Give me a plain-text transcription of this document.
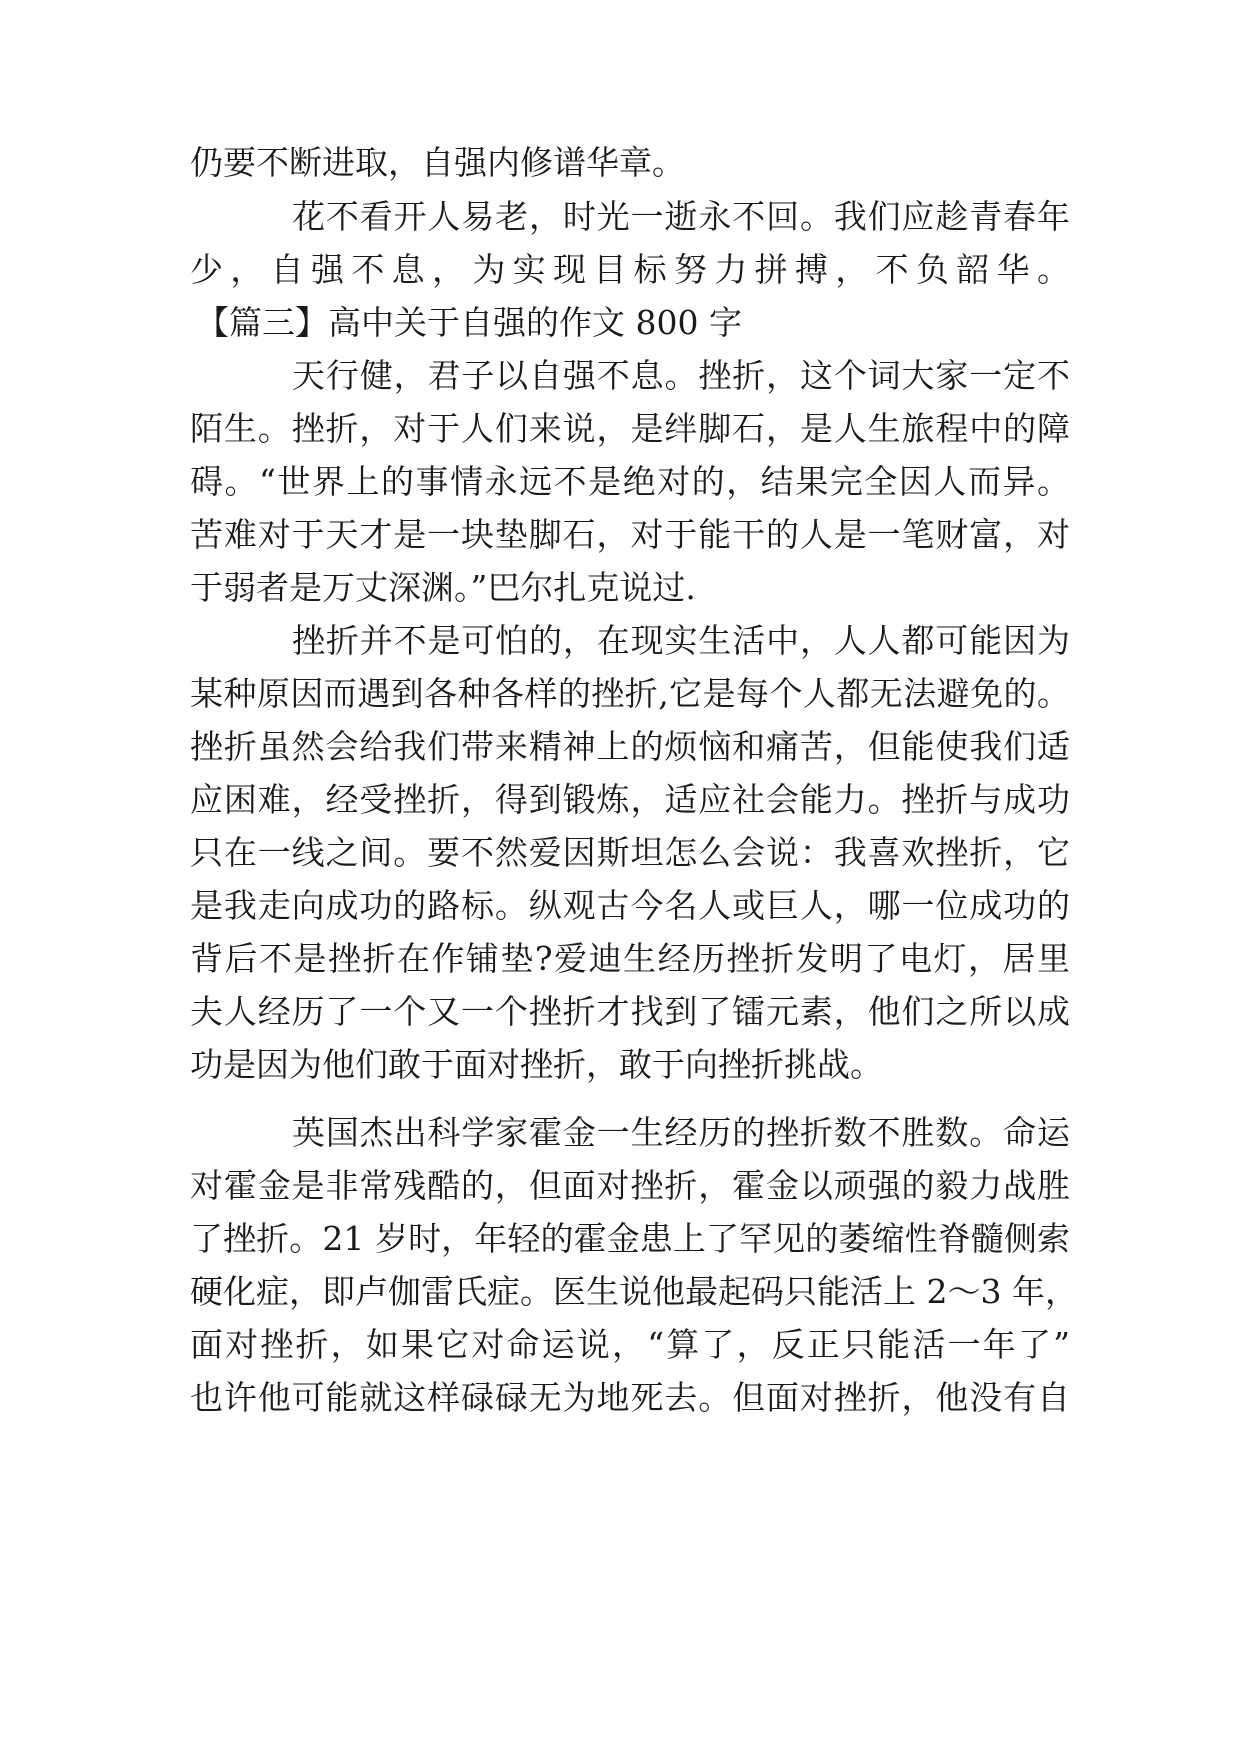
仍要不断进取，自强内修谱华章。
花不看开人易老，时光一逝永不回。我们应趁青春年
少，自强不息，为实现目标努力拼搏，不负韶华。
【篇三】高中关于自强的作文 800 字
天行健，君子以自强不息。挫折，这个词大家一定不
陌生。挫折，对于人们来说，是绊脚石，是人生旅程中的障
碍。“世界上的事情永远不是绝对的，结果完全因人而异。
苦难对于天才是一块垫脚石，对于能干的人是一笔财富，对
于弱者是万丈深渊。”巴尔扎克说过.
挫折并不是可怕的，在现实生活中，人人都可能因为
某种原因而遇到各种各样的挫折,它是每个人都无法避免的。
挫折虽然会给我们带来精神上的烦恼和痛苦，但能使我们适
应困难，经受挫折，得到锻炼，适应社会能力。挫折与成功
只在一线之间。要不然爱因斯坦怎么会说：我喜欢挫折，它
是我走向成功的路标。纵观古今名人或巨人，哪一位成功的
背后不是挫折在作铺垫?爱迪生经历挫折发明了电灯，居里
夫人经历了一个又一个挫折才找到了镭元素，他们之所以成
功是因为他们敢于面对挫折，敢于向挫折挑战。
英国杰出科学家霍金一生经历的挫折数不胜数。命运
对霍金是非常残酷的，但面对挫折，霍金以顽强的毅力战胜
了挫折。21 岁时，年轻的霍金患上了罕见的萎缩性脊髓侧索
硬化症，即卢伽雷氏症。医生说他最起码只能活上 2～3 年，
面对挫折，如果它对命运说，“算了，反正只能活一年了”
也许他可能就这样碌碌无为地死去。但面对挫折，他没有自
